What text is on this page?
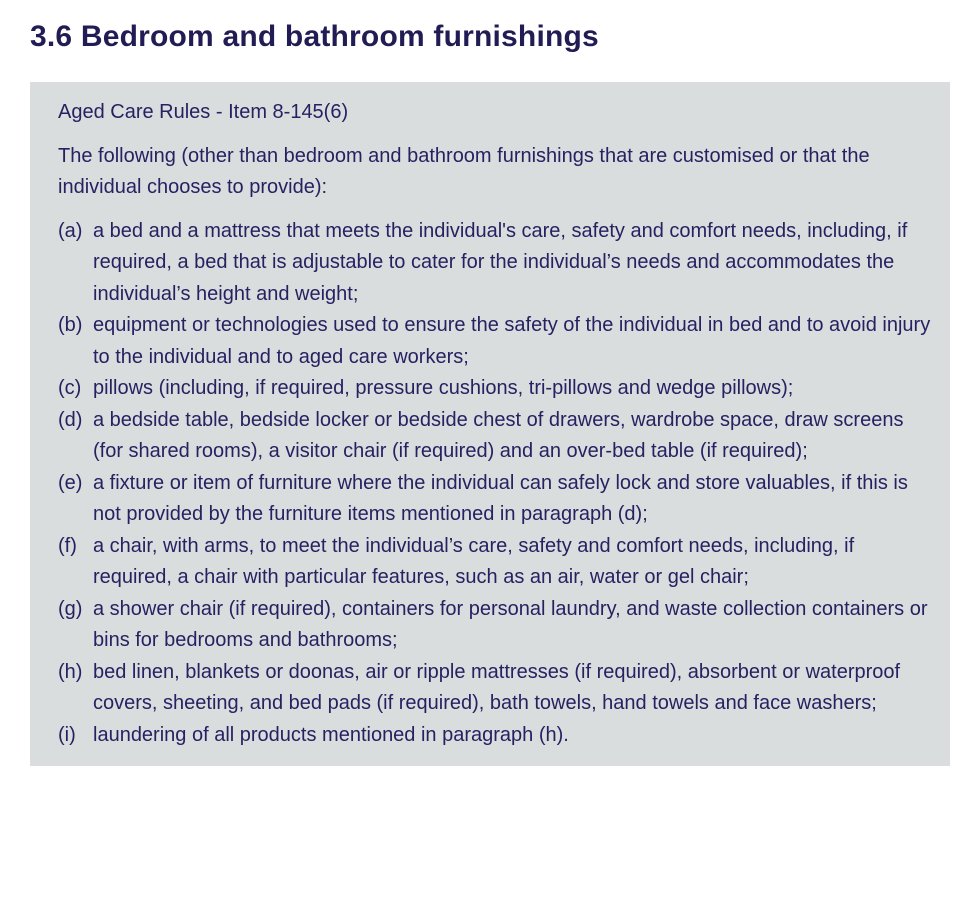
3.6 Bedroom and bathroom furnishings

Aged Care Rules - Item 8-145(6)

The following (other than bedroom and bathroom furnishings that are customised or that the individual chooses to provide):

(a) a bed and a mattress that meets the individual's care, safety and comfort needs, including, if required, a bed that is adjustable to cater for the individual’s needs and accommodates the individual’s height and weight;
(b) equipment or technologies used to ensure the safety of the individual in bed and to avoid injury to the individual and to aged care workers;
(c) pillows (including, if required, pressure cushions, tri-pillows and wedge pillows);
(d) a bedside table, bedside locker or bedside chest of drawers, wardrobe space, draw screens (for shared rooms), a visitor chair (if required) and an over-bed table (if required);
(e) a fixture or item of furniture where the individual can safely lock and store valuables, if this is not provided by the furniture items mentioned in paragraph (d);
(f) a chair, with arms, to meet the individual’s care, safety and comfort needs, including, if required, a chair with particular features, such as an air, water or gel chair;
(g) a shower chair (if required), containers for personal laundry, and waste collection containers or bins for bedrooms and bathrooms;
(h) bed linen, blankets or doonas, air or ripple mattresses (if required), absorbent or waterproof covers, sheeting, and bed pads (if required), bath towels, hand towels and face washers;
(i) laundering of all products mentioned in paragraph (h).
